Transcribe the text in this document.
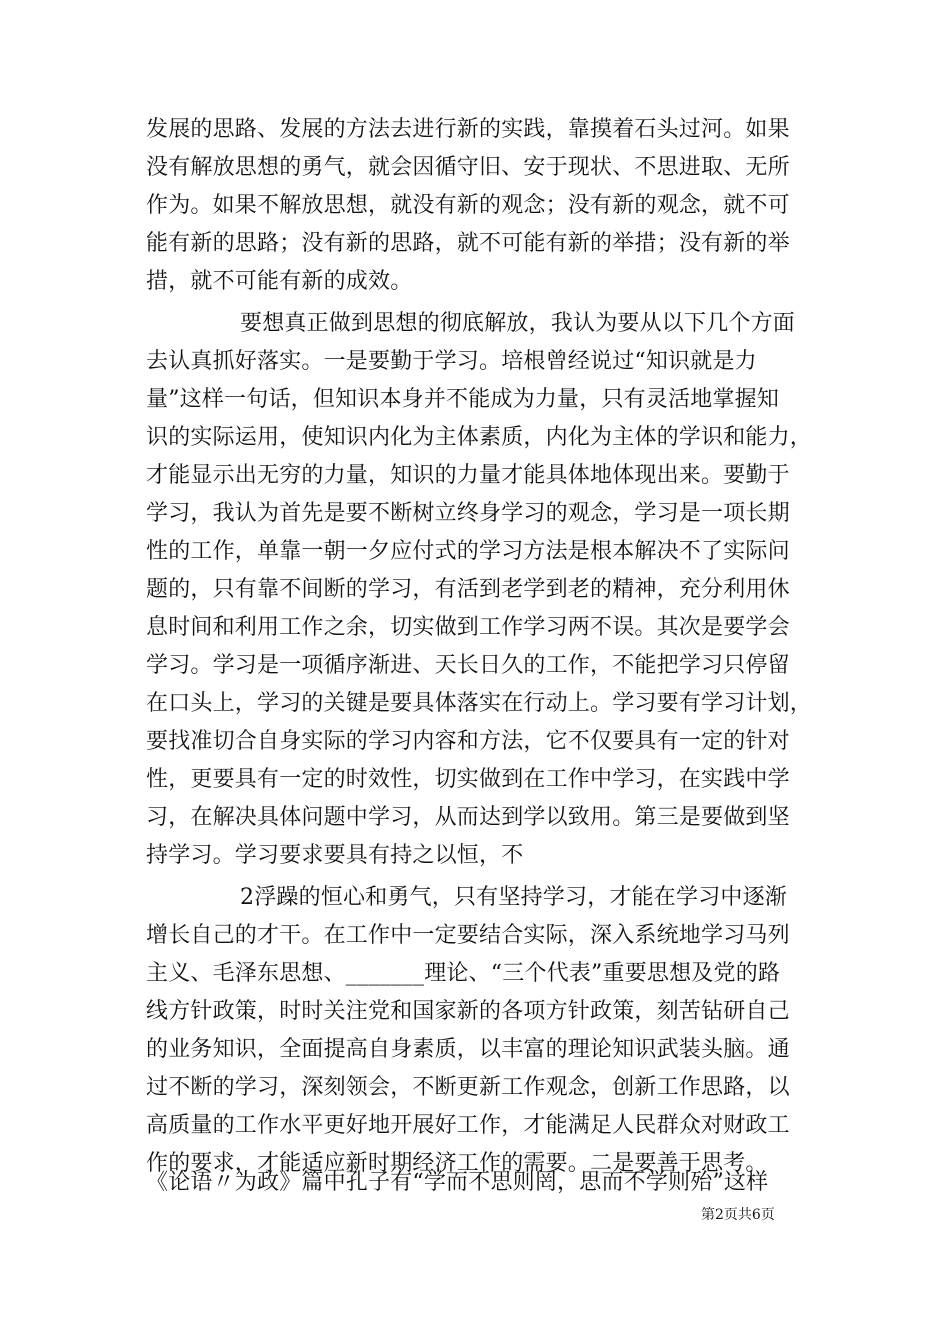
发展的思路、发展的方法去进行新的实践，靠摸着石头过河。如果
没有解放思想的勇气，就会因循守旧、安于现状、不思进取、无所
作为。如果不解放思想，就没有新的观念；没有新的观念，就不可
能有新的思路；没有新的思路，就不可能有新的举措；没有新的举
措，就不可能有新的成效。
要想真正做到思想的彻底解放，我认为要从以下几个方面
去认真抓好落实。一是要勤于学习。培根曾经说过“知识就是力
量”这样一句话，但知识本身并不能成为力量，只有灵活地掌握知
识的实际运用，使知识内化为主体素质，内化为主体的学识和能力，
才能显示出无穷的力量，知识的力量才能具体地体现出来。要勤于
学习，我认为首先是要不断树立终身学习的观念，学习是一项长期
性的工作，单靠一朝一夕应付式的学习方法是根本解决不了实际问
题的，只有靠不间断的学习，有活到老学到老的精神，充分利用休
息时间和利用工作之余，切实做到工作学习两不误。其次是要学会
学习。学习是一项循序渐进、天长日久的工作，不能把学习只停留
在口头上，学习的关键是要具体落实在行动上。学习要有学习计划，
要找准切合自身实际的学习内容和方法，它不仅要具有一定的针对
性，更要具有一定的时效性，切实做到在工作中学习，在实践中学
习，在解决具体问题中学习，从而达到学以致用。第三是要做到坚
持学习。学习要求要具有持之以恒，不
2浮躁的恒心和勇气，只有坚持学习，才能在学习中逐渐
增长自己的才干。在工作中一定要结合实际，深入系统地学习马列
主义、毛泽东思想、_______理论、“三个代表”重要思想及党的路
线方针政策，时时关注党和国家新的各项方针政策，刻苦钻研自己
的业务知识，全面提高自身素质，以丰富的理论知识武装头脑。通
过不断的学习，深刻领会，不断更新工作观念，创新工作思路，以
高质量的工作水平更好地开展好工作，才能满足人民群众对财政工
作的要求，才能适应新时期经济工作的需要。二是要善于思考。
《论语〃为政》篇中孔子有“学而不思则罔，思而不学则殆”这样
第2页共6页
